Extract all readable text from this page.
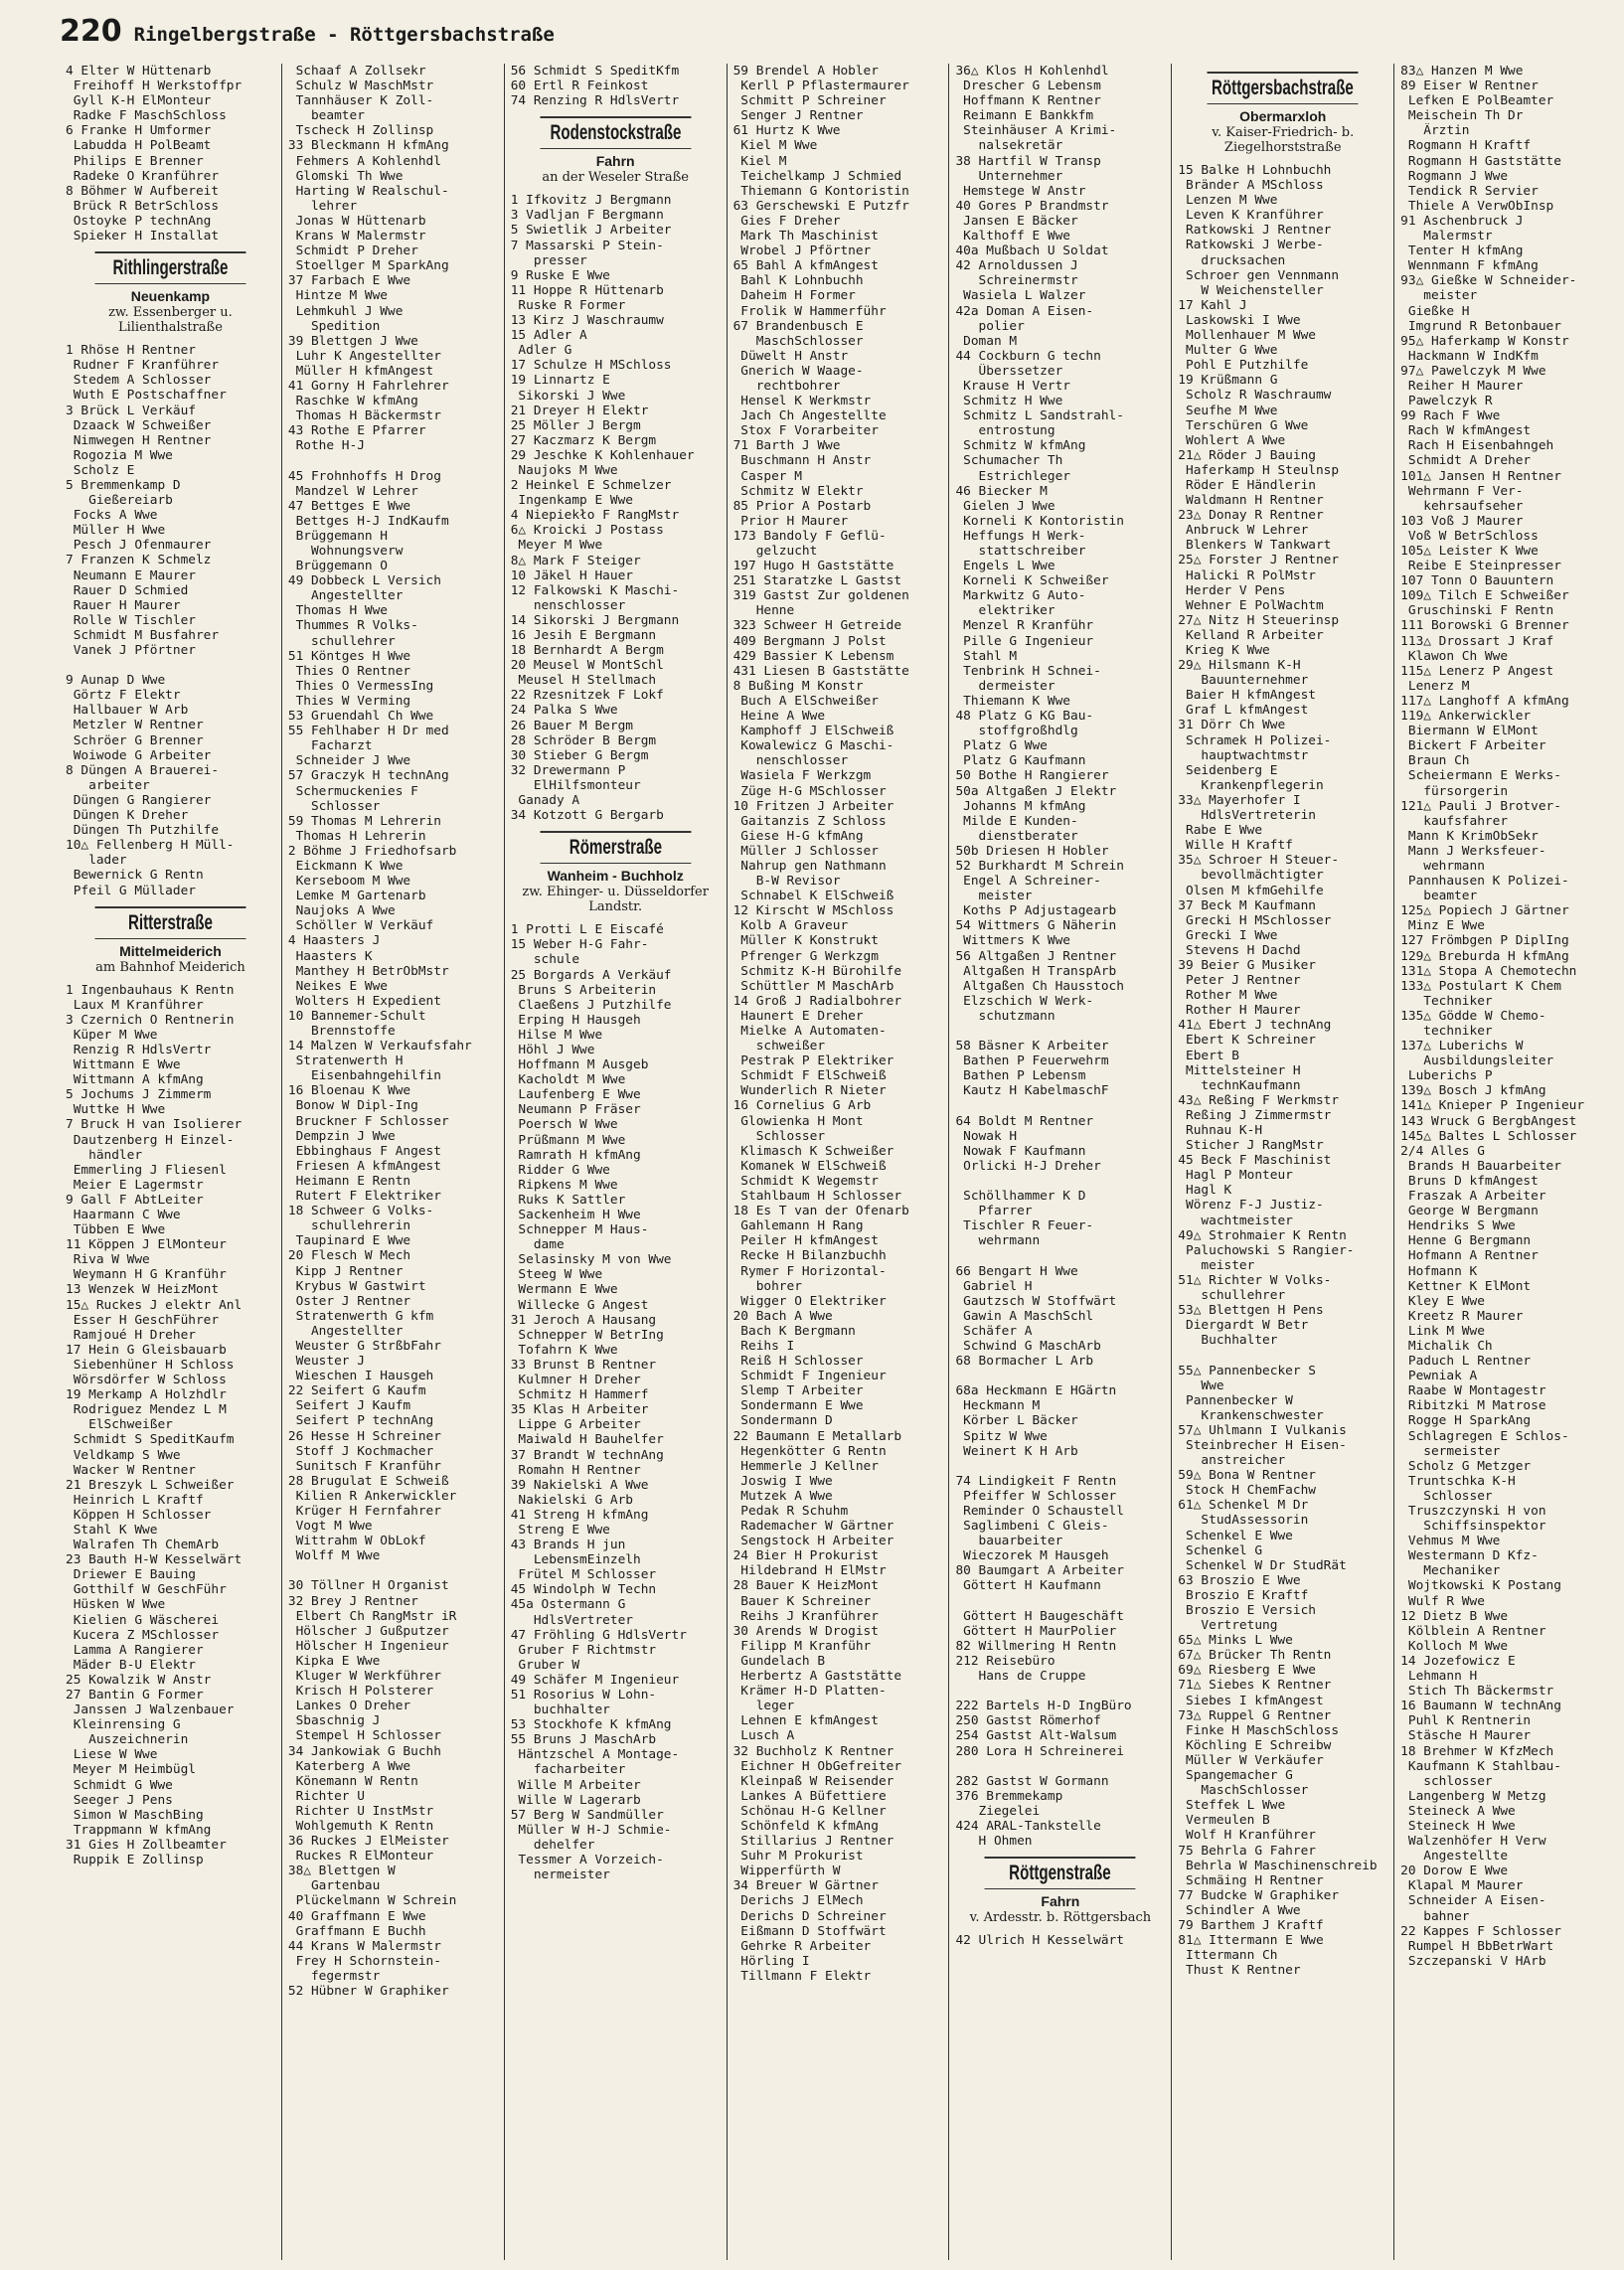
220 Ringelbergstraße - Röttgersbachstraße
4 Elter W Hüttenarb
Freihoff H Werkstoffpr
Gyll K-H ElMonteur
Radke F MaschSchloss
6 Franke H Umformer
Labudda H PolBeamt
Philips E Brenner
Radeke O Kranführer
8 Böhmer W Aufbereit
Brück R BetrSchloss
Ostoyke P technAng
Spieker H Installat
Rithlingerstraße
Neuenkamp
zw. Essenberger u. Lilienthalstraße
1 Rhöse H Rentner
Rudner F Kranführer
Stedem A Schlosser
Wuth E Postschaffner
3 Brück L Verkäuf
Dzaack W Schweißer
Nimwegen H Rentner
Rogozia M Wwe
Scholz E
5 Bremmenkamp D
Gießereiarb
Focks A Wwe
Müller H Wwe
Pesch J Ofenmaurer
7 Franzen K Schmelz
Neumann E Maurer
Rauer D Schmied
Rauer H Maurer
Rolle W Tischler
Schmidt M Busfahrer
Vanek J Pförtner

9 Aunap D Wwe
Görtz F Elektr
Hallbauer W Arb
Metzler W Rentner
Schröer G Brenner
Woiwode G Arbeiter
8 Düngen A Brauerei-
arbeiter
Düngen G Rangierer
Düngen K Dreher
Düngen Th Putzhilfe
10△ Fellenberg H Müll-
lader
Bewernick G Rentn
Pfeil G Müllader
Ritterstraße
Mittelmeiderich
am Bahnhof Meiderich
1 Ingenbauhaus K Rentn
Laux M Kranführer
3 Czernich O Rentnerin
Küper M Wwe
Renzig R HdlsVertr
Wittmann E Wwe
Wittmann A kfmAng
5 Jochums J Zimmerm
Wuttke H Wwe
7 Bruck H van Isolierer
Dautzenberg H Einzel-
händler
Emmerling J Fliesenl
Meier E Lagermstr
9 Gall F AbtLeiter
Haarmann C Wwe
Tübben E Wwe
11 Köppen J ElMonteur
Riva W Wwe
Weymann H G Kranführ
13 Wenzek W HeizMont
15△ Ruckes J elektr Anl
Esser H GeschFührer
Ramjoué H Dreher
17 Hein G Gleisbauarb
Siebenhüner H Schloss
Wörsdörfer W Schloss
19 Merkamp A Holzhdlr
Rodriguez Mendez L M
ElSchweißer
Schmidt S SpeditKaufm
Veldkamp S Wwe
Wacker W Rentner
21 Breszyk L Schweißer
Heinrich L Kraftf
Köppen H Schlosser
Stahl K Wwe
Walrafen Th ChemArb
23 Bauth H-W Kesselwärt
Driewer E Bauing
Gotthilf W GeschFühr
Hüsken W Wwe
Kielien G Wäscherei
Kucera Z MSchlosser
Lamma A Rangierer
Mäder B-U Elektr
25 Kowalzik W Anstr
27 Bantin G Former
Janssen J Walzenbauer
Kleinrensing G
Auszeichnerin
Liese W Wwe
Meyer M Heimbügl
Schmidt G Wwe
Seeger J Pens
Simon W MaschBing
Trappmann W kfmAng
31 Gies H Zollbeamter
Ruppik E Zollinsp
Schaaf A Zollsekr
Schulz W MaschMstr
Tannhäuser K Zoll-
beamter
Tscheck H Zollinsp
33 Bleckmann H kfmAng
Fehmers A Kohlenhdl
Glomski Th Wwe
Harting W Realschul-
lehrer
Jonas W Hüttenarb
Krans W Malermstr
Schmidt P Dreher
Stoellger M SparkAng
37 Farbach E Wwe
Hintze M Wwe
Lehmkuhl J Wwe
Spedition
39 Blettgen J Wwe
Luhr K Angestellter
Müller H kfmAngest
41 Gorny H Fahrlehrer
Raschke W kfmAng
Thomas H Bäckermstr
43 Rothe E Pfarrer
Rothe H-J

45 Frohnhoffs H Drog
Mandzel W Lehrer
47 Bettges E Wwe
Bettges H-J IndKaufm
Brüggemann H
Wohnungsverw
Brüggemann O
49 Dobbeck L Versich
Angestellter
Thomas H Wwe
Thummes R Volks-
schullehrer
51 Köntges H Wwe
Thies O Rentner
Thies O VermessIng
Thies W Verming
53 Gruendahl Ch Wwe
55 Fehlhaber H Dr med
Facharzt
Schneider J Wwe
57 Graczyk H technAng
Schermuckenies F
Schlosser
59 Thomas M Lehrerin
Thomas H Lehrerin
2 Böhme J Friedhofsarb
Eickmann K Wwe
Kerseboom M Wwe
Lemke M Gartenarb
Naujoks A Wwe
Schöller W Verkäuf
4 Haasters J
Haasters K
Manthey H BetrObMstr
Neikes E Wwe
Wolters H Expedient
10 Bannemer-Schult
Brennstoffe
14 Malzen W Verkaufsfahr
Stratenwerth H
Eisenbahngehilfin
16 Bloenau K Wwe
Bonow W Dipl-Ing
Bruckner F Schlosser
Dempzin J Wwe
Ebbinghaus F Angest
Friesen A kfmAngest
Heimann E Rentn
Rutert F Elektriker
18 Schweer G Volks-
schullehrerin
Taupinard E Wwe
20 Flesch W Mech
Kipp J Rentner
Krybus W Gastwirt
Oster J Rentner
Stratenwerth G kfm
Angestellter
Weuster G StrßbFahr
Weuster J
Wieschen I Hausgeh
22 Seifert G Kaufm
Seifert J Kaufm
Seifert P technAng
26 Hesse H Schreiner
Stoff J Kochmacher
Sunitsch F Kranführ
28 Brugulat E Schweiß
Kilien R Ankerwickler
Krüger H Fernfahrer
Vogt M Wwe
Wittrahm W ObLokf
Wolff M Wwe

30 Töllner H Organist
32 Brey J Rentner
Elbert Ch RangMstr iR
Hölscher J Gußputzer
Hölscher H Ingenieur
Kipka E Wwe
Kluger W Werkführer
Krisch H Polsterer
Lankes O Dreher
Sbaschnig J
Stempel H Schlosser
34 Jankowiak G Buchh
Katerberg A Wwe
Könemann W Rentn
Richter U
Richter U InstMstr
Wohlgemuth K Rentn
36 Ruckes J ElMeister
Ruckes R ElMonteur
38△ Blettgen W
Gartenbau
Plückelmann W Schrein
40 Graffmann E Wwe
Graffmann E Buchh
44 Krans W Malermstr
Frey H Schornstein-
fegermstr
52 Hübner W Graphiker
56 Schmidt S SpeditKfm
60 Ertl R Feinkost
74 Renzing R HdlsVertr
Rodenstockstraße
Fahrn
an der Weseler Straße
1 Ifkovitz J Bergmann
3 Vadljan F Bergmann
5 Swietlik J Arbeiter
7 Massarski P Stein-
presser
9 Ruske E Wwe
11 Hoppe R Hüttenarb
Ruske R Former
13 Kirz J Waschraumw
15 Adler A
Adler G
17 Schulze H MSchloss
19 Linnartz E
Sikorski J Wwe
21 Dreyer H Elektr
25 Möller J Bergm
27 Kaczmarz K Bergm
29 Jeschke K Kohlenhauer
Naujoks M Wwe
2 Heinkel E Schmelzer
Ingenkamp E Wwe
4 Niepiekło F RangMstr
6△ Kroicki J Postass
Meyer M Wwe
8△ Mark F Steiger
10 Jäkel H Hauer
12 Falkowski K Maschi-
nenschlosser
14 Sikorski J Bergmann
16 Jesih E Bergmann
18 Bernhardt A Bergm
20 Meusel W MontSchl
Meusel H Stellmach
22 Rzesnitzek F Lokf
24 Palka S Wwe
26 Bauer M Bergm
28 Schröder B Bergm
30 Stieber G Bergm
32 Drewermann P
ElHilfsmonteur
Ganady A
34 Kotzott G Bergarb
Römerstraße
Wanheim - Buchholz
zw. Ehinger- u. Düsseldorfer Landstr.
1 Protti L E Eiscafé
15 Weber H-G Fahr-
schule
25 Borgards A Verkäuf
Bruns S Arbeiterin
Claeßens J Putzhilfe
Erping H Hausgeh
Hilse M Wwe
Höhl J Wwe
Hoffmann M Ausgeb
Kacholdt M Wwe
Laufenberg E Wwe
Neumann P Fräser
Poersch W Wwe
Prüßmann M Wwe
Ramrath H kfmAng
Ridder G Wwe
Ripkens M Wwe
Ruks K Sattler
Sackenheim H Wwe
Schnepper M Haus-
dame
Selasinsky M von Wwe
Steeg W Wwe
Wermann E Wwe
Willecke G Angest
31 Jeroch A Hausang
Schnepper W BetrIng
Tofahrn K Wwe
33 Brunst B Rentner
Kulmner H Dreher
Schmitz H Hammerf
35 Klas H Arbeiter
Lippe G Arbeiter
Maiwald H Bauhelfer
37 Brandt W technAng
Romahn H Rentner
39 Nakielski A Wwe
Nakielski G Arb
41 Streng H kfmAng
Streng E Wwe
43 Brands H jun
LebensmEinzelh
Frütel M Schlosser
45 Windolph W Techn
45a Ostermann G
HdlsVertreter
47 Fröhling G HdlsVertr
Gruber F Richtmstr
Gruber W
49 Schäfer M Ingenieur
51 Rosorius W Lohn-
buchhalter
53 Stockhofe K kfmAng
55 Bruns J MaschArb
Häntzschel A Montage-
facharbeiter
Wille M Arbeiter
Wille W Lagerarb
57 Berg W Sandmüller
Müller W H-J Schmie-
dehelfer
Tessmer A Vorzeich-
nermeister
59 Brendel A Hobler
Kerll P Pflastermaurer
Schmitt P Schreiner
Senger J Rentner
61 Hurtz K Wwe
Kiel M Wwe
Kiel M
Teichelkamp J Schmied
Thiemann G Kontoristin
63 Gerschewski E Putzfr
Gies F Dreher
Mark Th Maschinist
Wrobel J Pförtner
65 Bahl A kfmAngest
Bahl K Lohnbuchh
Daheim H Former
Frolik W Hammerführ
67 Brandenbusch E
MaschSchlosser
Düwelt H Anstr
Gnerich W Waage-
rechtbohrer
Hensel K Werkmstr
Jach Ch Angestellte
Stox F Vorarbeiter
71 Barth J Wwe
Buschmann H Anstr
Casper M
Schmitz W Elektr
85 Prior A Postarb
Prior H Maurer
173 Bandoly F Geflü-
gelzucht
197 Hugo H Gaststätte
251 Staratzke L Gastst
319 Gastst Zur goldenen
Henne
323 Schweer H Getreide
409 Bergmann J Polst
429 Bassier K Lebensm
431 Liesen B Gaststätte
8 Bußing M Konstr
Buch A ElSchweißer
Heine A Wwe
Kamphoff J ElSchweiß
Kowalewicz G Maschi-
nenschlosser
Wasiela F Werkzgm
Züge H-G MSchlosser
10 Fritzen J Arbeiter
Gaitanzis Z Schloss
Giese H-G kfmAng
Müller J Schlosser
Nahrup gen Nathmann
B-W Revisor
Schnabel K ElSchweiß
12 Kirscht W MSchloss
Kolb A Graveur
Müller K Konstrukt
Pfrenger G Werkzgm
Schmitz K-H Bürohilfe
Schüttler M MaschArb
14 Groß J Radialbohrer
Haunert E Dreher
Mielke A Automaten-
schweißer
Pestrak P Elektriker
Schmidt F ElSchweiß
Wunderlich R Nieter
16 Cornelius G Arb
Glowienka H Mont
Schlosser
Klimasch K Schweißer
Komanek W ElSchweiß
Schmidt K Wegemstr
Stahlbaum H Schlosser
18 Es T van der Ofenarb
Gahlemann H Rang
Peiler H kfmAngest
Recke H Bilanzbuchh
Rymer F Horizontal-
bohrer
Wigger O Elektriker
20 Bach A Wwe
Bach K Bergmann
Reihs I
Reiß H Schlosser
Schmidt F Ingenieur
Slemp T Arbeiter
Sondermann E Wwe
Sondermann D
22 Baumann E Metallarb
Hegenkötter G Rentn
Hemmerle J Kellner
Joswig I Wwe
Mutzek A Wwe
Pedak R Schuhm
Rademacher W Gärtner
Sengstock H Arbeiter
24 Bier H Prokurist
Hildebrand H ElMstr
28 Bauer K HeizMont
Bauer K Schreiner
Reihs J Kranführer
30 Arends W Drogist
Filipp M Kranführ
Gundelach B
Herbertz A Gaststätte
Krämer H-D Platten-
leger
Lehnen E kfmAngest
Lusch A
32 Buchholz K Rentner
Eichner H ObGefreiter
Kleinpaß W Reisender
Lankes A Büfettiere
Schönau H-G Kellner
Schönfeld K kfmAng
Stillarius J Rentner
Suhr M Prokurist
Wipperfürth W
34 Breuer W Gärtner
Derichs J ElMech
Derichs D Schreiner
Eißmann D Stoffwärt
Gehrke R Arbeiter
Hörling I
Tillmann F Elektr
36△ Klos H Kohlenhdl
Drescher G Lebensm
Hoffmann K Rentner
Reimann E Bankkfm
Steinhäuser A Krimi-
nalsekretär
38 Hartfil W Transp
Unternehmer
Hemstege W Anstr
40 Gores P Brandmstr
Jansen E Bäcker
Kalthoff E Wwe
40a Mußbach U Soldat
42 Arnoldussen J
Schreinermstr
Wasiela L Walzer
42a Doman A Eisen-
polier
Doman M
44 Cockburn G techn
Überssetzer
Krause H Vertr
Schmitz H Wwe
Schmitz L Sandstrahl-
entrostung
Schmitz W kfmAng
Schumacher Th
Estrichleger
46 Biecker M
Gielen J Wwe
Korneli K Kontoristin
Heffungs H Werk-
stattschreiber
Engels L Wwe
Korneli K Schweißer
Markwitz G Auto-
elektriker
Menzel R Kranführ
Pille G Ingenieur
Stahl M
Tenbrink H Schnei-
dermeister
Thiemann K Wwe
48 Platz G KG Bau-
stoffgroßhdlg
Platz G Wwe
Platz G Kaufmann
50 Bothe H Rangierer
50a Altgaßen J Elektr
Johanns M kfmAng
Milde E Kunden-
dienstberater
50b Driesen H Hobler
52 Burkhardt M Schrein
Engel A Schreiner-
meister
Koths P Adjustagearb
54 Wittmers G Näherin
Wittmers K Wwe
56 Altgaßen J Rentner
Altgaßen H TranspArb
Altgaßen Ch Hausstoch
Elzschich W Werk-
schutzmann

58 Bäsner K Arbeiter
Bathen P Feuerwehrm
Bathen P Lebensm
Kautz H KabelmaschF

64 Boldt M Rentner
Nowak H
Nowak F Kaufmann
Orlicki H-J Dreher

Schöllhammer K D
Pfarrer
Tischler R Feuer-
wehrmann

66 Bengart H Wwe
Gabriel H
Gautzsch W Stoffwärt
Gawin A MaschSchl
Schäfer A
Schwind G MaschArb
68 Bormacher L Arb

68a Heckmann E HGärtn
Heckmann M
Körber L Bäcker
Spitz W Wwe
Weinert K H Arb

74 Lindigkeit F Rentn
Pfeiffer W Schlosser
Reminder O Schaustell
Saglimbeni C Gleis-
bauarbeiter
Wieczorek M Hausgeh
80 Baumgart A Arbeiter
Göttert H Kaufmann

Göttert H Baugeschäft
Göttert H MaurPolier
82 Willmering H Rentn
212 Reisebüro
Hans de Cruppe

222 Bartels H-D IngBüro
250 Gastst Römerhof
254 Gastst Alt-Walsum
280 Lora H Schreinerei

282 Gastst W Gormann
376 Bremmekamp
Ziegelei
424 ARAL-Tankstelle
H Ohmen
Röttgenstraße
Fahrn
v. Ardesstr. b. Röttgersbach
42 Ulrich H Kesselwärt
Röttgersbachstraße
Obermarxloh
v. Kaiser-Friedrich- b. Ziegelhorststraße
15 Balke H Lohnbuchh
Bränder A MSchloss
Lenzen M Wwe
Leven K Kranführer
Ratkowski J Rentner
Ratkowski J Werbe-
drucksachen
Schroer gen Vennmann
W Weichensteller
17 Kahl J
Laskowski I Wwe
Mollenhauer M Wwe
Multer G Wwe
Pohl E Putzhilfe
19 Krüßmann G
Scholz R Waschraumw
Seufhe M Wwe
Terschüren G Wwe
Wohlert A Wwe
21△ Röder J Bauing
Haferkamp H Steulnsp
Röder E Händlerin
Waldmann H Rentner
23△ Donay R Rentner
Anbruck W Lehrer
Blenkers W Tankwart
25△ Forster J Rentner
Halicki R PolMstr
Herder V Pens
Wehner E PolWachtm
27△ Nitz H Steuerinsp
Kelland R Arbeiter
Krieg K Wwe
29△ Hilsmann K-H
Bauunternehmer
Baier H kfmAngest
Graf L kfmAngest
31 Dörr Ch Wwe
Schramek H Polizei-
hauptwachtmstr
Seidenberg E
Krankenpflegerin
33△ Mayerhofer I
HdlsVertreterin
Rabe E Wwe
Wille H Kraftf
35△ Schroer H Steuer-
bevollmächtigter
Olsen M kfmGehilfe
37 Beck M Kaufmann
Grecki H MSchlosser
Grecki I Wwe
Stevens H Dachd
39 Beier G Musiker
Peter J Rentner
Rother M Wwe
Rother H Maurer
41△ Ebert J technAng
Ebert K Schreiner
Ebert B
Mittelsteiner H
technKaufmann
43△ Reßing F Werkmstr
Reßing J Zimmermstr
Ruhnau K-H
Sticher J RangMstr
45 Beck F Maschinist
Hagl P Monteur
Hagl K
Wörenz F-J Justiz-
wachtmeister
49△ Strohmaier K Rentn
Paluchowski S Rangier-
meister
51△ Richter W Volks-
schullehrer
53△ Blettgen H Pens
Diergardt W Betr
Buchhalter

55△ Pannenbecker S
Wwe
Pannenbecker W
Krankenschwester
57△ Uhlmann I Vulkanis
Steinbrecher H Eisen-
anstreicher
59△ Bona W Rentner
Stock H ChemFachw
61△ Schenkel M Dr
StudAssessorin
Schenkel E Wwe
Schenkel G
Schenkel W Dr StudRät
63 Broszio E Wwe
Broszio E Kraftf
Broszio E Versich
Vertretung
65△ Minks L Wwe
67△ Brücker Th Rentn
69△ Riesberg E Wwe
71△ Siebes K Rentner
Siebes I kfmAngest
73△ Ruppel G Rentner
Finke H MaschSchloss
Köchling E Schreibw
Müller W Verkäufer
Spangemacher G
MaschSchlosser
Steffek L Wwe
Vermeulen B
Wolf H Kranführer
75 Behrla G Fahrer
Behrla W Maschinenschreib
Schmäing H Rentner
77 Budcke W Graphiker
Schindler A Wwe
79 Barthem J Kraftf
81△ Ittermann E Wwe
Ittermann Ch
Thust K Rentner
83△ Hanzen M Wwe
89 Eiser W Rentner
Lefken E PolBeamter
Meischein Th Dr
Ärztin
Rogmann H Kraftf
Rogmann H Gaststätte
Rogmann J Wwe
Tendick R Servier
Thiele A VerwObInsp
91 Aschenbruck J
Malermstr
Tenter H kfmAng
Wennmann F kfmAng
93△ Gießke W Schneider-
meister
Gießke H
Imgrund R Betonbauer
95△ Haferkamp W Konstr
Hackmann W IndKfm
97△ Pawelczyk M Wwe
Reiher H Maurer
Pawelczyk R
99 Rach F Wwe
Rach W kfmAngest
Rach H Eisenbahngeh
Schmidt A Dreher
101△ Jansen H Rentner
Wehrmann F Ver-
kehrsaufseher
103 Voß J Maurer
Voß W BetrSchloss
105△ Leister K Wwe
Reibe E Steinpresser
107 Tonn O Bauuntern
109△ Tilch E Schweißer
Gruschinski F Rentn
111 Borowski G Brenner
113△ Drossart J Kraf
Klawon Ch Wwe
115△ Lenerz P Angest
Lenerz M
117△ Langhoff A kfmAng
119△ Ankerwickler
Biermann W ElMont
Bickert F Arbeiter
Braun Ch
Scheiermann E Werks-
fürsorgerin
121△ Pauli J Brotver-
kaufsfahrer
Mann K KrimObSekr
Mann J Werksfeuer-
wehrmann
Pannhausen K Polizei-
beamter
125△ Popiech J Gärtner
Minz E Wwe
127 Frömbgen P DiplIng
129△ Breburda H kfmAng
131△ Stopa A Chemotechn
133△ Postulart K Chem
Techniker
135△ Gödde W Chemo-
techniker
137△ Luberichs W
Ausbildungsleiter
Luberichs P
139△ Bosch J kfmAng
141△ Knieper P Ingenieur
143 Wruck G BergbAngest
145△ Baltes L Schlosser
2/4 Alles G
Brands H Bauarbeiter
Bruns D kfmAngest
Fraszak A Arbeiter
George W Bergmann
Hendriks S Wwe
Henne G Bergmann
Hofmann A Rentner
Hofmann K
Kettner K ElMont
Kley E Wwe
Kreetz R Maurer
Link M Wwe
Michalik Ch
Paduch L Rentner
Pewniak A
Raabe W Montagestr
Ribitzki M Matrose
Rogge H SparkAng
Schlagregen E Schlos-
sermeister
Scholz G Metzger
Truntschka K-H
Schlosser
Truszczynski H von
Schiffsinspektor
Vehmus M Wwe
Westermann D Kfz-
Mechaniker
Wojtkowski K Postang
Wulf R Wwe
12 Dietz B Wwe
Kölblein A Rentner
Kolloch M Wwe
14 Jozefowicz E
Lehmann H
Stich Th Bäckermstr
16 Baumann W technAng
Puhl K Rentnerin
Stäsche H Maurer
18 Brehmer W KfzMech
Kaufmann K Stahlbau-
schlosser
Langenberg W Metzg
Steineck A Wwe
Steineck H Wwe
Walzenhöfer H Verw
Angestellte
20 Dorow E Wwe
Klapal M Maurer
Schneider A Eisen-
bahner
22 Kappes F Schlosser
Rumpel H BbBetrWart
Szczepanski V HArb
